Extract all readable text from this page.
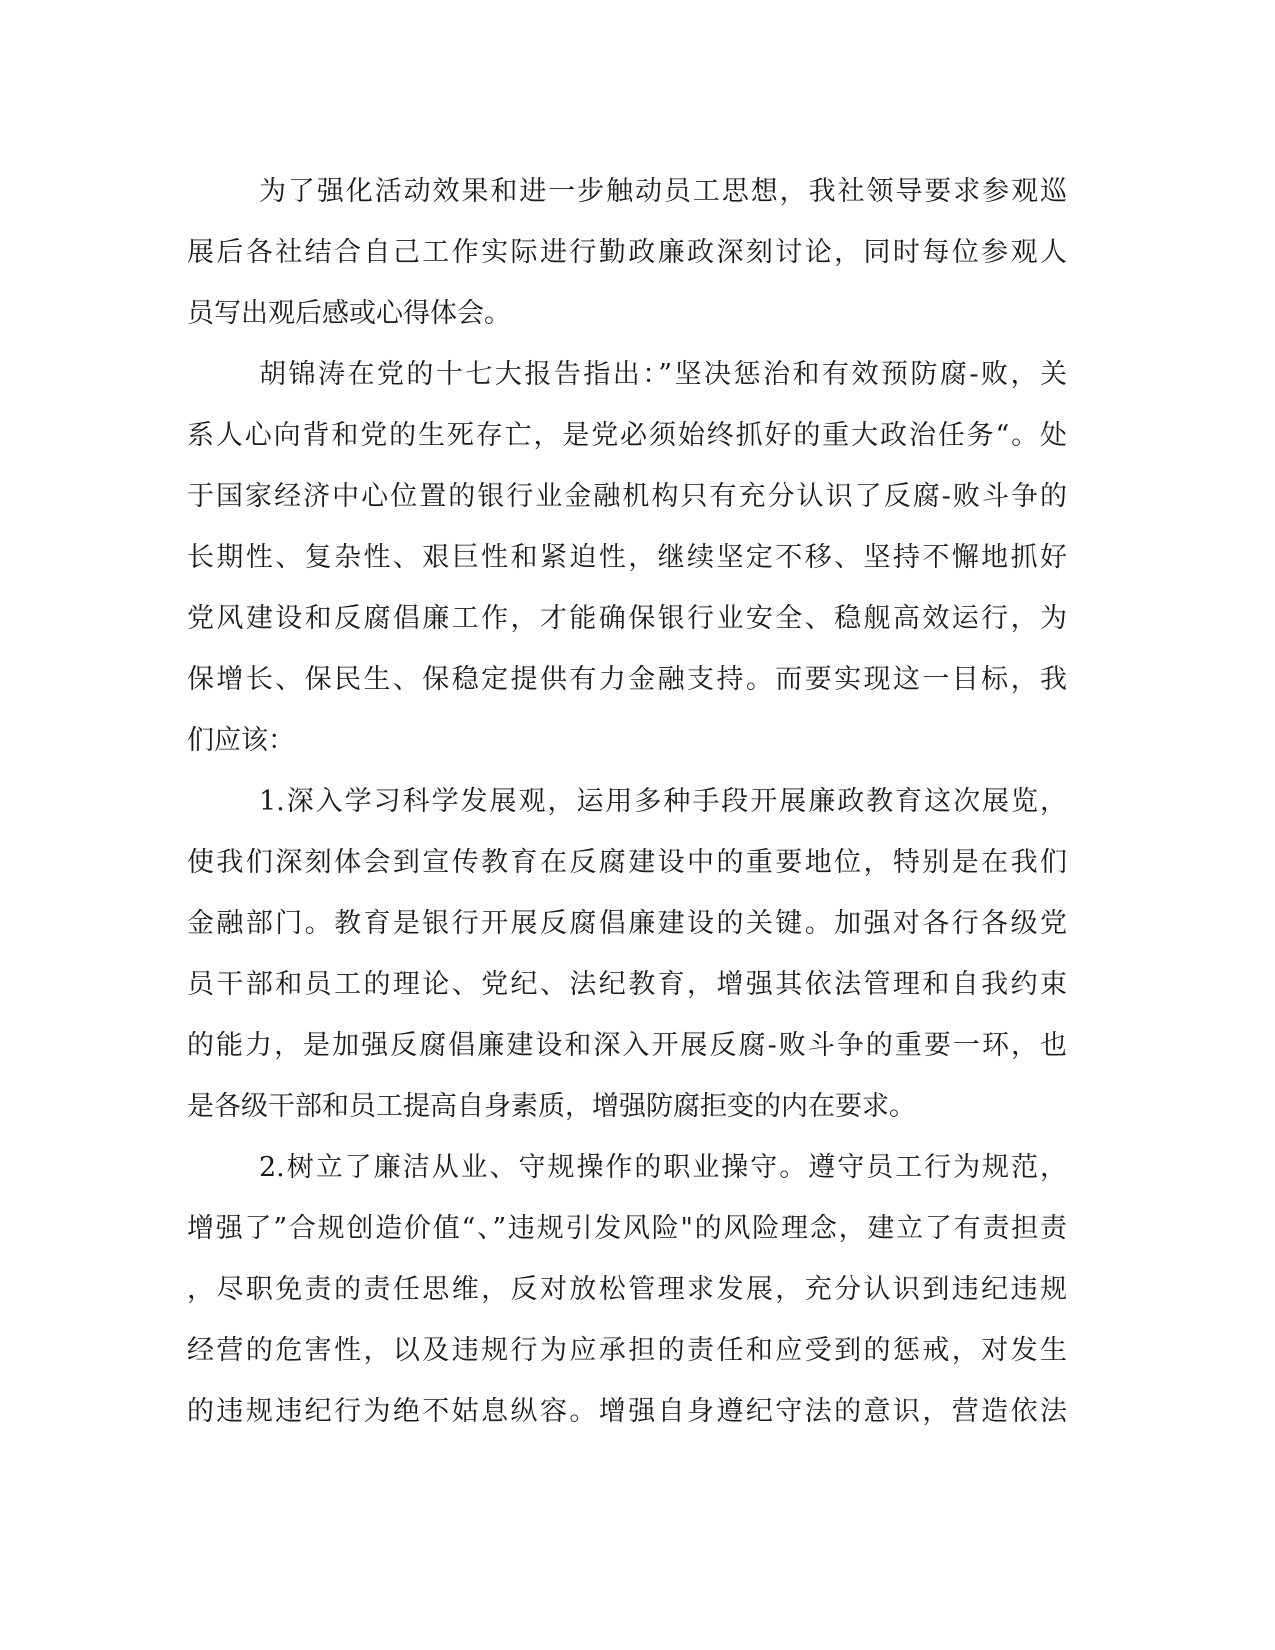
为了强化活动效果和进一步触动员工思想，我社领导要求参观巡
展后各社结合自己工作实际进行勤政廉政深刻讨论，同时每位参观人
员写出观后感或心得体会。
胡锦涛在党的十七大报告指出：”坚决惩治和有效预防腐-败，关
系人心向背和党的生死存亡，是党必须始终抓好的重大政治任务“。处
于国家经济中心位置的银行业金融机构只有充分认识了反腐-败斗争的
长期性、复杂性、艰巨性和紧迫性，继续坚定不移、坚持不懈地抓好
党风建设和反腐倡廉工作，才能确保银行业安全、稳舰高效运行，为
保增长、保民生、保稳定提供有力金融支持。而要实现这一目标，我
们应该：
1.深入学习科学发展观，运用多种手段开展廉政教育这次展览，
使我们深刻体会到宣传教育在反腐建设中的重要地位，特别是在我们
金融部门。教育是银行开展反腐倡廉建设的关键。加强对各行各级党
员干部和员工的理论、党纪、法纪教育，增强其依法管理和自我约束
的能力，是加强反腐倡廉建设和深入开展反腐-败斗争的重要一环，也
是各级干部和员工提高自身素质，增强防腐拒变的内在要求。
2.树立了廉洁从业、守规操作的职业操守。遵守员工行为规范，
增强了”合规创造价值“、”违规引发风险"的风险理念，建立了有责担责
，尽职免责的责任思维，反对放松管理求发展，充分认识到违纪违规
经营的危害性，以及违规行为应承担的责任和应受到的惩戒，对发生
的违规违纪行为绝不姑息纵容。增强自身遵纪守法的意识，营造依法
